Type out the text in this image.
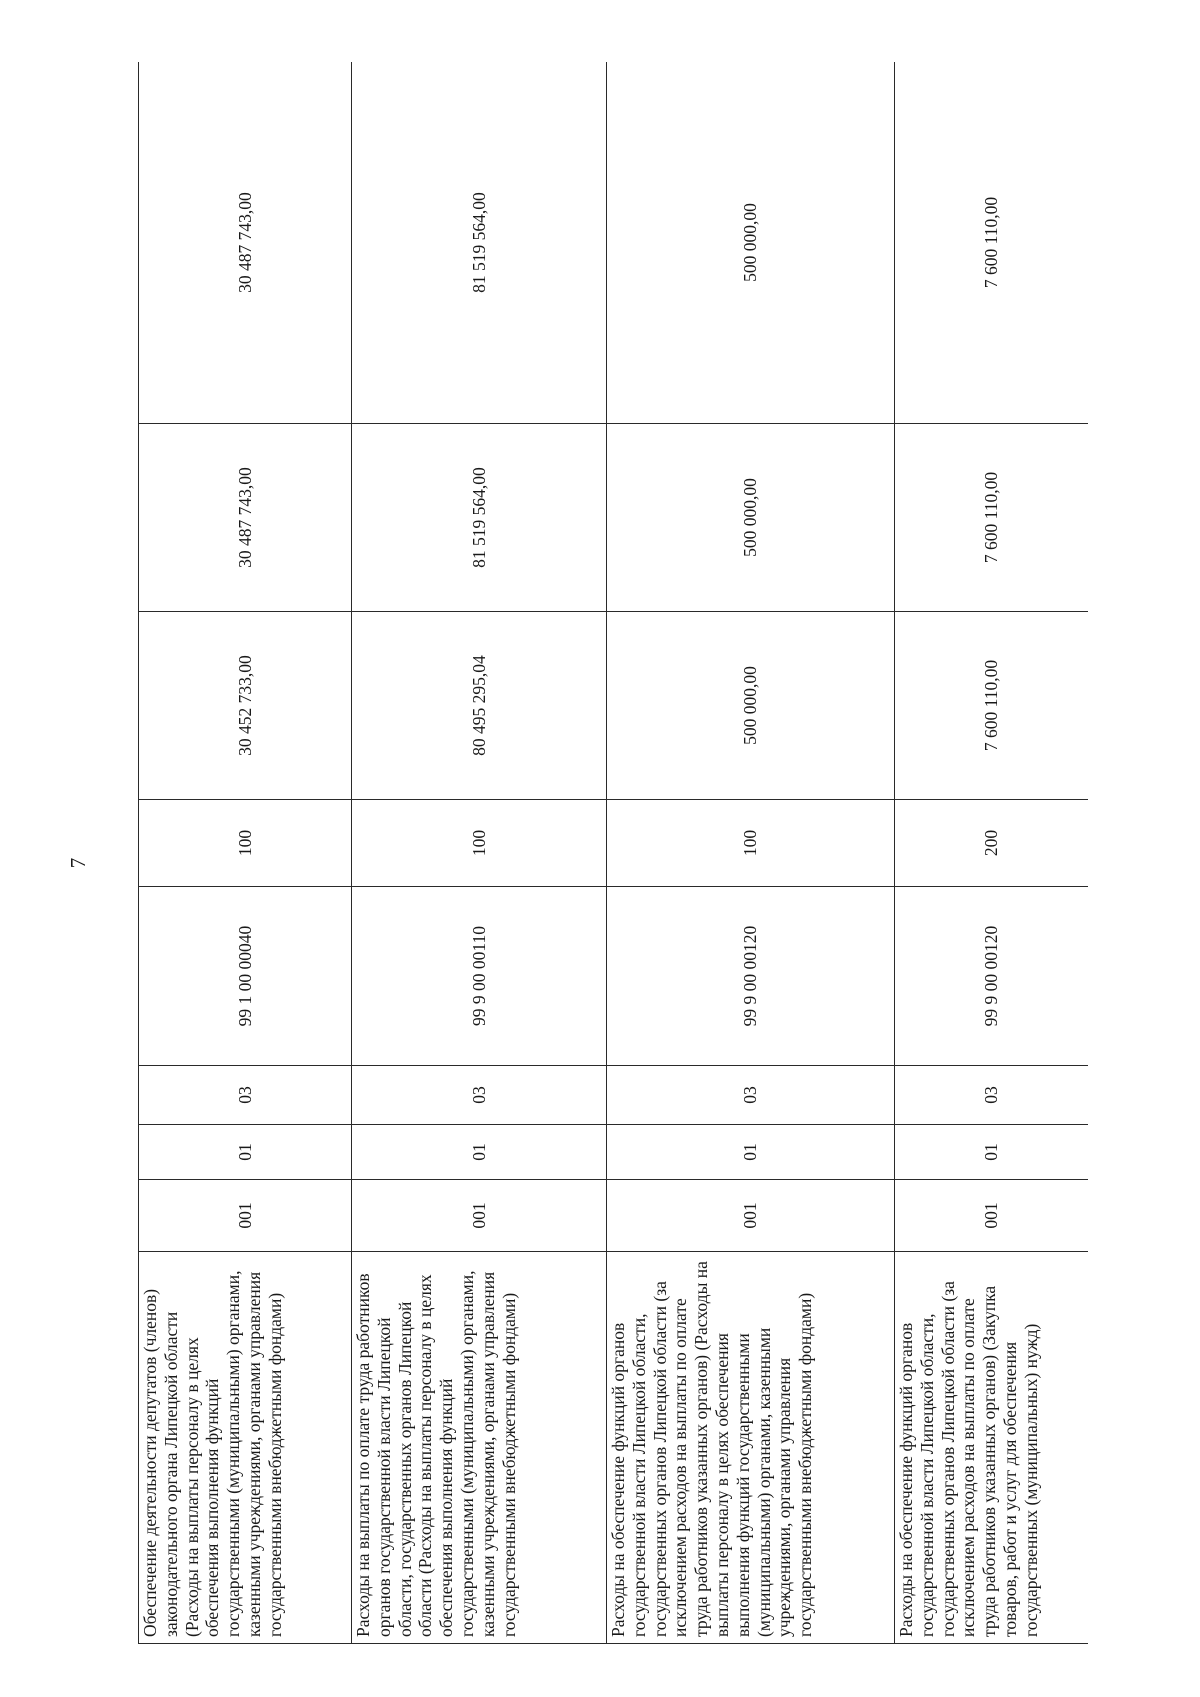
7
Обеспечение деятельности депутатов (членов) законодательного органа Липецкой области (Расходы на выплаты персоналу в целях обеспечения выполнения функций государственными (муниципальными) органами, казенными учреждениями, органами управления государственными внебюджетными фондами)	001	01	03	99 1 00 00040	100	30 452 733,00	30 487 743,00	30 487 743,00
Расходы на выплаты по оплате труда работников органов государственной власти Липецкой области, государственных органов Липецкой области (Расходы на выплаты персоналу в целях обеспечения выполнения функций государственными (муниципальными) органами, казенными учреждениями, органами управления государственными внебюджетными фондами)	001	01	03	99 9 00 00110	100	80 495 295,04	81 519 564,00	81 519 564,00
Расходы на обеспечение функций органов государственной власти Липецкой области, государственных органов Липецкой области (за исключением расходов на выплаты по оплате труда работников указанных органов) (Расходы на выплаты персоналу в целях обеспечения выполнения функций государственными (муниципальными) органами, казенными учреждениями, органами управления государственными внебюджетными фондами)	001	01	03	99 9 00 00120	100	500 000,00	500 000,00	500 000,00
Расходы на обеспечение функций органов государственной власти Липецкой области, государственных органов Липецкой области (за исключением расходов на выплаты по оплате труда работников указанных органов) (Закупка товаров, работ и услуг для обеспечения государственных (муниципальных) нужд)	001	01	03	99 9 00 00120	200	7 600 110,00	7 600 110,00	7 600 110,00
